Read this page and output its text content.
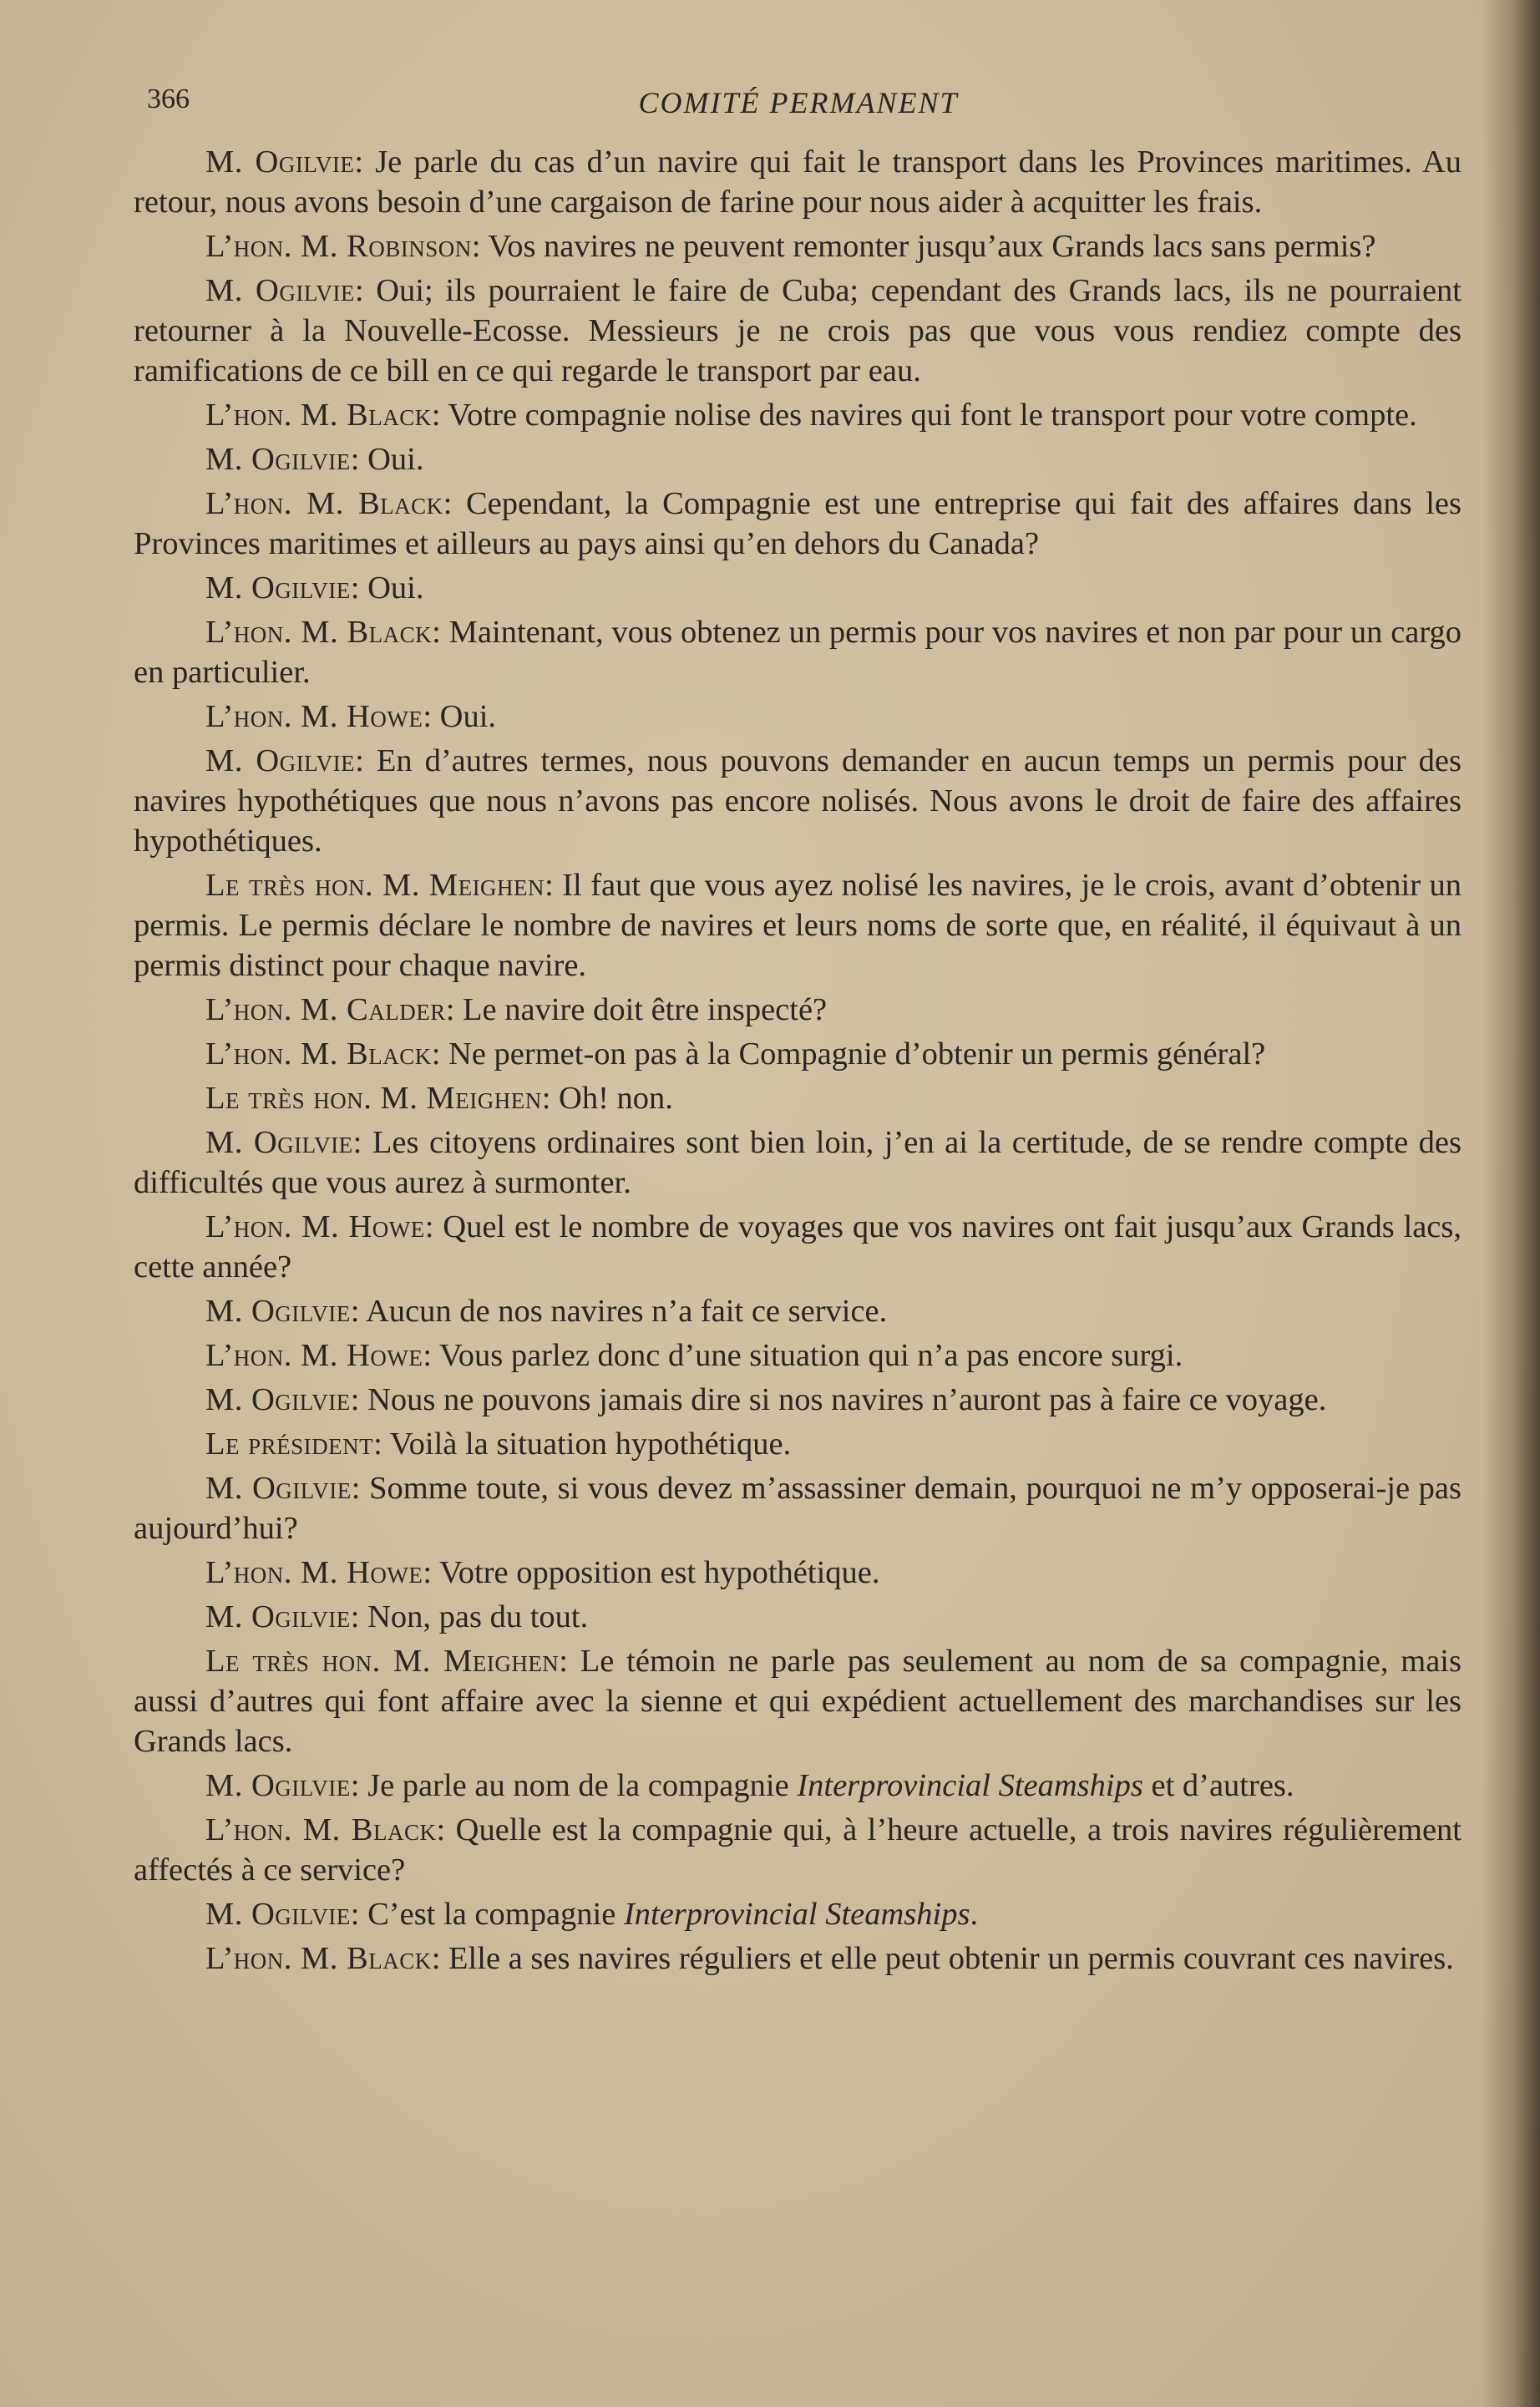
366	COMITÉ PERMANENT

M. Ogilvie: Je parle du cas d’un navire qui fait le transport dans les Provinces maritimes. Au retour, nous avons besoin d’une cargaison de farine pour nous aider à acquitter les frais.

L’hon. M. Robinson: Vos navires ne peuvent remonter jusqu’aux Grands lacs sans permis?

M. Ogilvie: Oui; ils pourraient le faire de Cuba; cependant des Grands lacs, ils ne pourraient retourner à la Nouvelle-Ecosse. Messieurs je ne crois pas que vous vous rendiez compte des ramifications de ce bill en ce qui regarde le transport par eau.

L’hon. M. Black: Votre compagnie nolise des navires qui font le transport pour votre compte.

M. Ogilvie: Oui.

L’hon. M. Black: Cependant, la Compagnie est une entreprise qui fait des affaires dans les Provinces maritimes et ailleurs au pays ainsi qu’en dehors du Canada?

M. Ogilvie: Oui.

L’hon. M. Black: Maintenant, vous obtenez un permis pour vos navires et non par pour un cargo en particulier.

L’hon. M. Howe: Oui.

M. Ogilvie: En d’autres termes, nous pouvons demander en aucun temps un permis pour des navires hypothétiques que nous n’avons pas encore nolisés. Nous avons le droit de faire des affaires hypothétiques.

Le très hon. M. Meighen: Il faut que vous ayez nolisé les navires, je le crois, avant d’obtenir un permis. Le permis déclare le nombre de navires et leurs noms de sorte que, en réalité, il équivaut à un permis distinct pour chaque navire.

L’hon. M. Calder: Le navire doit être inspecté?

L’hon. M. Black: Ne permet-on pas à la Compagnie d’obtenir un permis général?

Le très hon. M. Meighen: Oh! non.

M. Ogilvie: Les citoyens ordinaires sont bien loin, j’en ai la certitude, de se rendre compte des difficultés que vous aurez à surmonter.

L’hon. M. Howe: Quel est le nombre de voyages que vos navires ont fait jusqu’aux Grands lacs, cette année?

M. Ogilvie: Aucun de nos navires n’a fait ce service.

L’hon. M. Howe: Vous parlez donc d’une situation qui n’a pas encore surgi.

M. Ogilvie: Nous ne pouvons jamais dire si nos navires n’auront pas à faire ce voyage.

Le président: Voilà la situation hypothétique.

M. Ogilvie: Somme toute, si vous devez m’assassiner demain, pourquoi ne m’y opposerai-je pas aujourd’hui?

L’hon. M. Howe: Votre opposition est hypothétique.

M. Ogilvie: Non, pas du tout.

Le très hon. M. Meighen: Le témoin ne parle pas seulement au nom de sa compagnie, mais aussi d’autres qui font affaire avec la sienne et qui expédient actuellement des marchandises sur les Grands lacs.

M. Ogilvie: Je parle au nom de la compagnie Interprovincial Steamships et d’autres.

L’hon. M. Black: Quelle est la compagnie qui, à l’heure actuelle, a trois navires régulièrement affectés à ce service?

M. Ogilvie: C’est la compagnie Interprovincial Steamships.

L’hon. M. Black: Elle a ses navires réguliers et elle peut obtenir un permis couvrant ces navires.
